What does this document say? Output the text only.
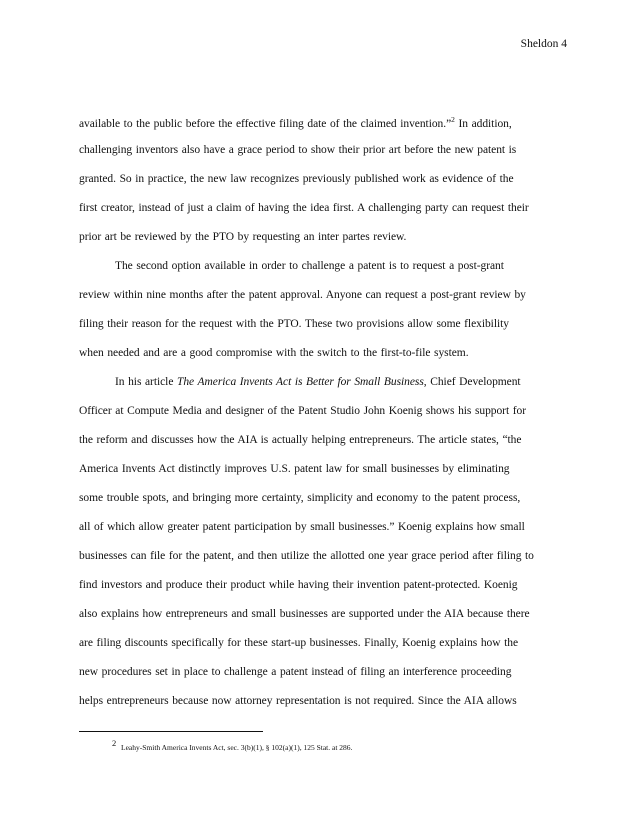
Sheldon 4
available to the public before the effective filing date of the claimed invention.”$^2$ In addition,
challenging inventors also have a grace period to show their prior art before the new patent is
granted. So in practice, the new law recognizes previously published work as evidence of the
first creator, instead of just a claim of having the idea first. A challenging party can request their
prior art be reviewed by the PTO by requesting an inter partes review.
The second option available in order to challenge a patent is to request a post-grant
review within nine months after the patent approval. Anyone can request a post-grant review by
filing their reason for the request with the PTO. These two provisions allow some flexibility
when needed and are a good compromise with the switch to the first-to-file system.
In his article The America Invents Act is Better for Small Business, Chief Development
Officer at Compute Media and designer of the Patent Studio John Koenig shows his support for
the reform and discusses how the AIA is actually helping entrepreneurs. The article states, “the
America Invents Act distinctly improves U.S. patent law for small businesses by eliminating
some trouble spots, and bringing more certainty, simplicity and economy to the patent process,
all of which allow greater patent participation by small businesses.” Koenig explains how small
businesses can file for the patent, and then utilize the allotted one year grace period after filing to
find investors and produce their product while having their invention patent-protected. Koenig
also explains how entrepreneurs and small businesses are supported under the AIA because there
are filing discounts specifically for these start-up businesses. Finally, Koenig explains how the
new procedures set in place to challenge a patent instead of filing an interference proceeding
helps entrepreneurs because now attorney representation is not required. Since the AIA allows
2 Leahy-Smith America Invents Act, sec. 3(b)(1), § 102(a)(1), 125 Stat. at 286.
